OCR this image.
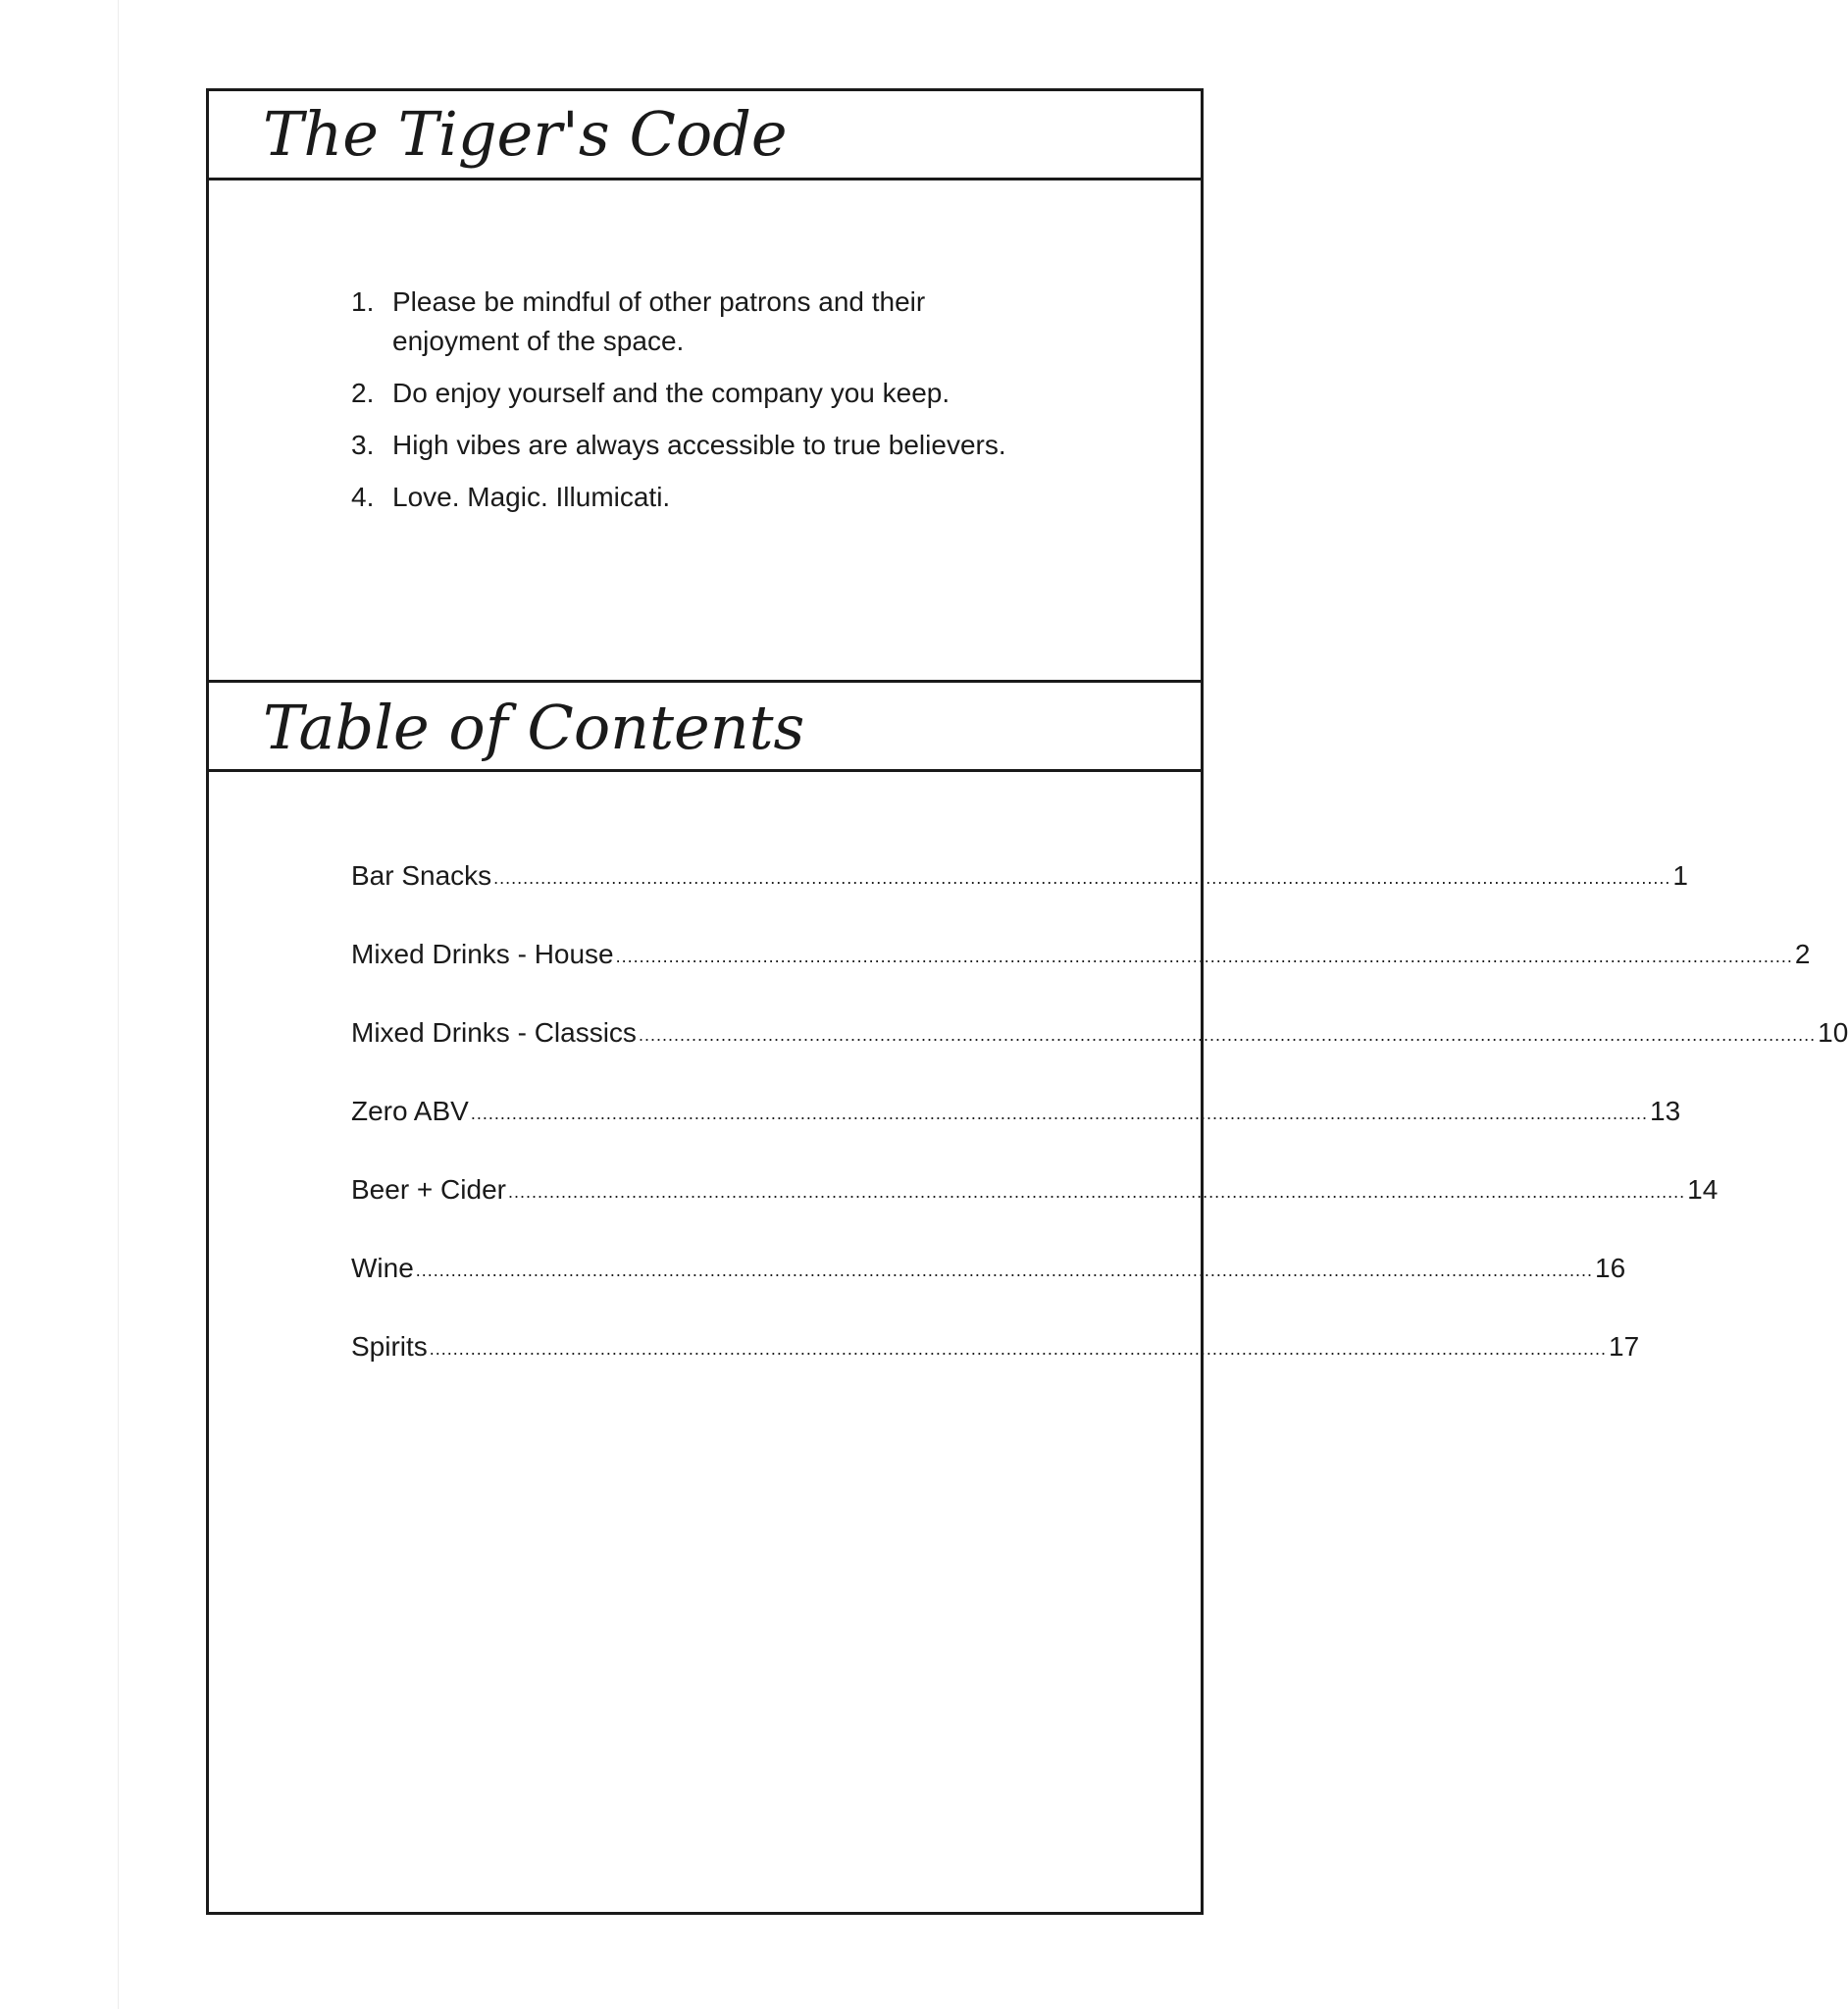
The Tiger's Code
1. Please be mindful of other patrons and their enjoyment of the space.
2. Do enjoy yourself and the company you keep.
3. High vibes are always accessible to true believers.
4. Love. Magic. Illumicati.
Table of Contents
Bar Snacks ........................................................................................................................................................................................................ 1
Mixed Drinks - House ........................................................................................................................................................................................................ 2
Mixed Drinks - Classics ........................................................................................................................................................................................................ 10
Zero ABV ........................................................................................................................................................................................................ 13
Beer + Cider ........................................................................................................................................................................................................ 14
Wine ........................................................................................................................................................................................................ 16
Spirits ........................................................................................................................................................................................................ 17
